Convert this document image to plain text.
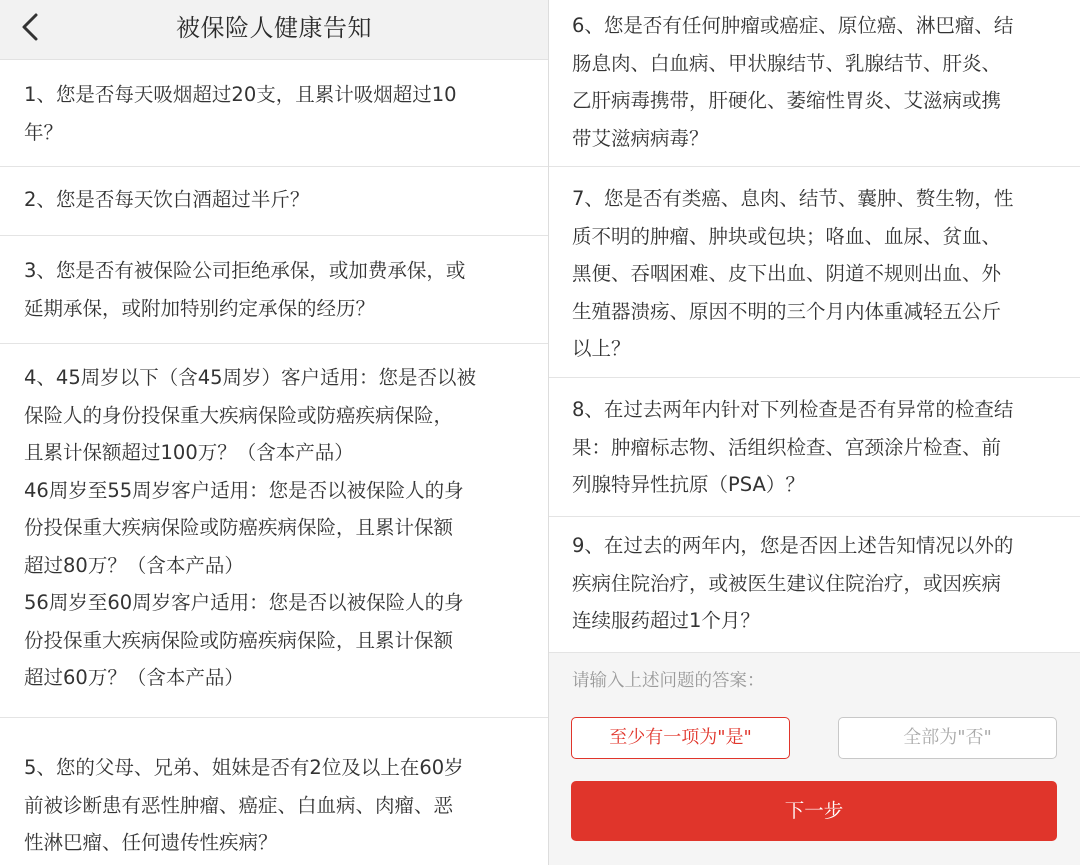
被保险人健康告知

1、您是否每天吸烟超过20支，且累计吸烟超过10

年？

2、您是否每天饮白酒超过半斤？

3、您是否有被保险公司拒绝承保，或加费承保，或

延期承保，或附加特别约定承保的经历？

4、45周岁以下（含45周岁）客户适用：您是否以被

保险人的身份投保重大疾病保险或防癌疾病保险，

且累计保额超过100万？（含本产品）

46周岁至55周岁客户适用：您是否以被保险人的身

份投保重大疾病保险或防癌疾病保险，且累计保额

超过80万？（含本产品）

56周岁至60周岁客户适用：您是否以被保险人的身

份投保重大疾病保险或防癌疾病保险，且累计保额

超过60万？（含本产品）

5、您的父母、兄弟、姐妹是否有2位及以上在60岁

前被诊断患有恶性肿瘤、癌症、白血病、肉瘤、恶

性淋巴瘤、任何遗传性疾病？

6、您是否有任何肿瘤或癌症、原位癌、淋巴瘤、结

肠息肉、白血病、甲状腺结节、乳腺结节、肝炎、

乙肝病毒携带，肝硬化、萎缩性胃炎、艾滋病或携

带艾滋病病毒？

7、您是否有类癌、息肉、结节、囊肿、赘生物，性

质不明的肿瘤、肿块或包块；咯血、血尿、贫血、

黑便、吞咽困难、皮下出血、阴道不规则出血、外

生殖器溃疡、原因不明的三个月内体重减轻五公斤

以上？

8、在过去两年内针对下列检查是否有异常的检查结

果：肿瘤标志物、活组织检查、宫颈涂片检查、前

列腺特异性抗原（PSA）？

9、在过去的两年内，您是否因上述告知情况以外的

疾病住院治疗，或被医生建议住院治疗，或因疾病

连续服药超过1个月？

请输入上述问题的答案：
至少有一项为"是"	全部为"否"
下一步
